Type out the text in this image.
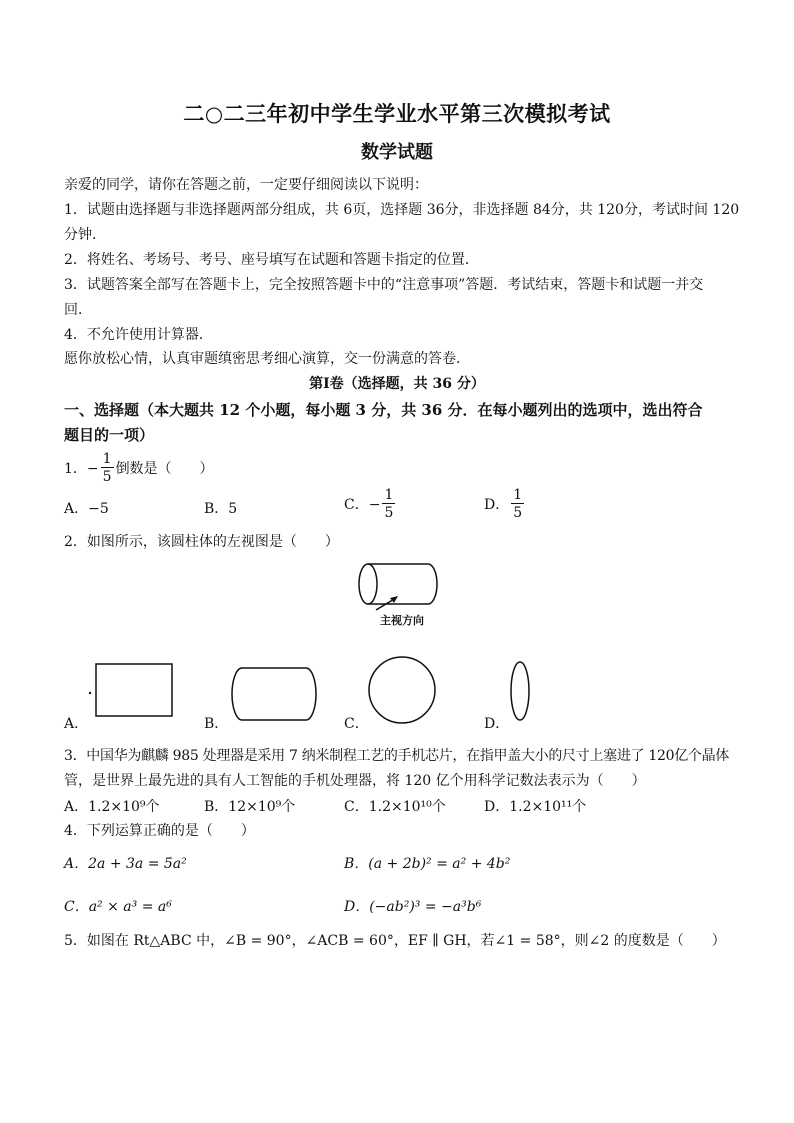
二○二三年初中学生学业水平第三次模拟考试
数学试题
亲爱的同学，请你在答题之前，一定要仔细阅读以下说明：
1．试题由选择题与非选择题两部分组成，共 6页，选择题 36分，非选择题 84分，共 120分，考试时间 120
分钟．
2．将姓名、考场号、考号、座号填写在试题和答题卡指定的位置．
3．试题答案全部写在答题卡上，完全按照答题卡中的“注意事项”答题．考试结束，答题卡和试题一并交
回．
4．不允许使用计算器．
愿你放松心情，认真审题缜密思考细心演算，交一份满意的答卷．
第Ⅰ卷（选择题，共 36 分）
一、选择题（本大题共 12 个小题，每小题 3 分，共 36 分．在每小题列出的选项中，选出符合
题目的一项）
1．− $\frac{1}{5}$ 倒数是（　　）
A．−5	B．5	C．− $\frac{1}{5}$	D． $\frac{1}{5}$
2．如图所示，该圆柱体的左视图是（　　）
主视方向
A．	B．	C．	D．
3．中国华为麒麟 985 处理器是采用 7 纳米制程工艺的手机芯片，在指甲盖大小的尺寸上塞进了 120亿个晶体
管，是世界上最先进的具有人工智能的手机处理器，将 120 亿个用科学记数法表示为（　　）
A．1.2×10⁹个	B．12×10⁹个	C．1.2×10¹⁰个	D．1.2×10¹¹个
4．下列运算正确的是（　　）
A．2a + 3a = 5a²	B．(a + 2b)² = a² + 4b²
C．a² × a³ = a⁶	D．(−ab²)³ = −a³b⁶
5．如图在 Rt△ABC 中，∠B = 90°，∠ACB = 60°，EF ∥ GH，若∠1 = 58°，则∠2 的度数是（　　）
